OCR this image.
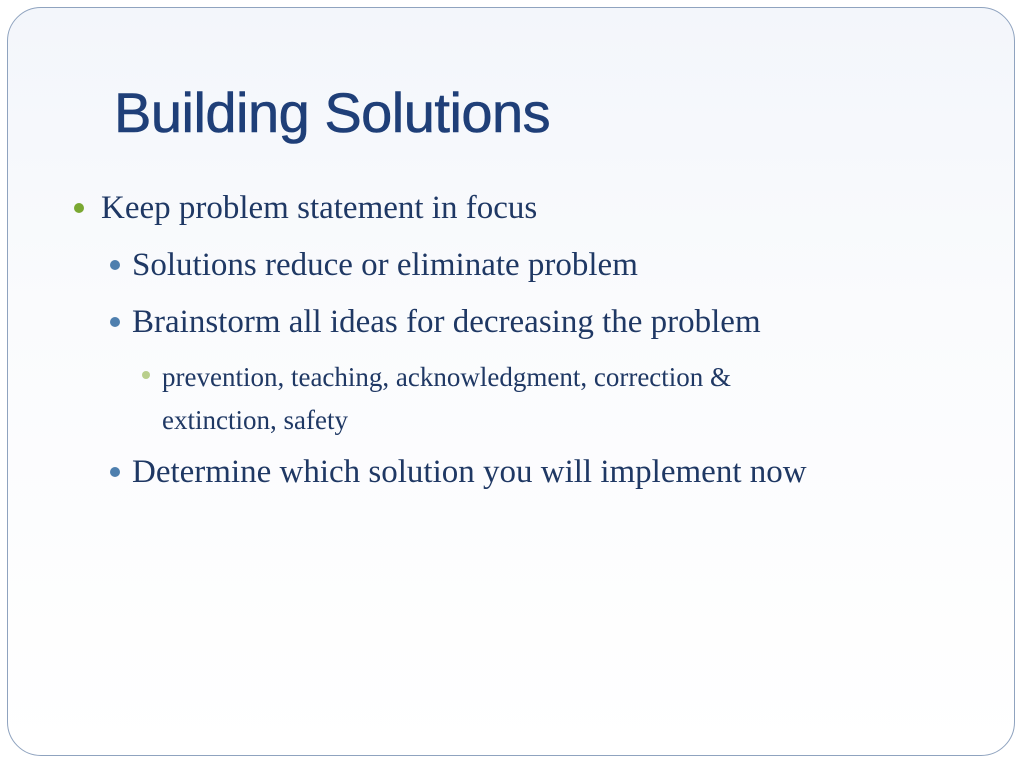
Building Solutions
Keep problem statement in focus
Solutions reduce or eliminate problem
Brainstorm all ideas for decreasing the problem
prevention, teaching, acknowledgment, correction &
extinction, safety
Determine which solution you will implement now
